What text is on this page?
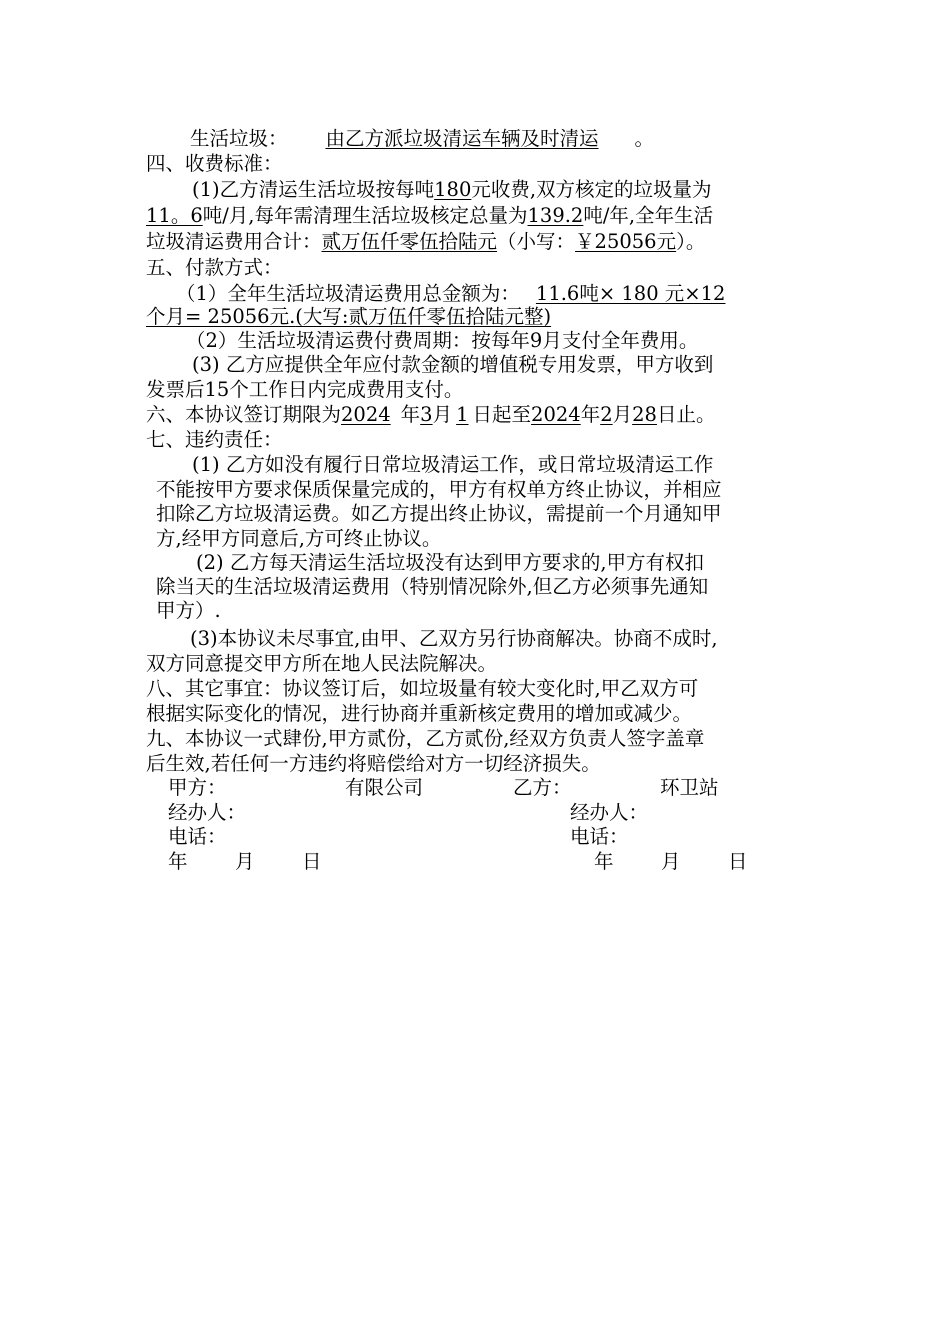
生活垃圾： 由乙方派垃圾清运车辆及时清运 。
四、收费标准：
(1)乙方清运生活垃圾按每吨180元收费,双方核定的垃圾量为
11。6吨/月,每年需清理生活垃圾核定总量为139.2吨/年,全年生活
垃圾清运费用合计：贰万伍仟零伍拾陆元（小写：￥25056元）。
五、付款方式：
（1）全年生活垃圾清运费用总金额为： 11.6吨× 180 元×12
个月= 25056元.(大写:贰万伍仟零伍拾陆元整)
（2）生活垃圾清运费付费周期：按每年9月支付全年费用。
(3) 乙方应提供全年应付款金额的增值税专用发票，甲方收到
发票后15个工作日内完成费用支付。
六、本协议签订期限为2024 年3月 1 日起至2024年2月28日止。
七、违约责任：
(1) 乙方如没有履行日常垃圾清运工作，或日常垃圾清运工作
不能按甲方要求保质保量完成的，甲方有权单方终止协议，并相应
扣除乙方垃圾清运费。如乙方提出终止协议，需提前一个月通知甲
方,经甲方同意后,方可终止协议。
(2) 乙方每天清运生活垃圾没有达到甲方要求的,甲方有权扣
除当天的生活垃圾清运费用（特别情况除外,但乙方必须事先通知
甲方）.
(3)本协议未尽事宜,由甲、乙双方另行协商解决。协商不成时,
双方同意提交甲方所在地人民法院解决。
八、其它事宜：协议签订后，如垃圾量有较大变化时,甲乙双方可
根据实际变化的情况，进行协商并重新核定费用的增加或减少。
九、本协议一式肆份,甲方贰份，乙方贰份,经双方负责人签字盖章
后生效,若任何一方违约将赔偿给对方一切经济损失。
甲方：	有限公司	乙方：	环卫站
经办人：	经办人：
电话：	电话：
年 月 日	年 月 日
